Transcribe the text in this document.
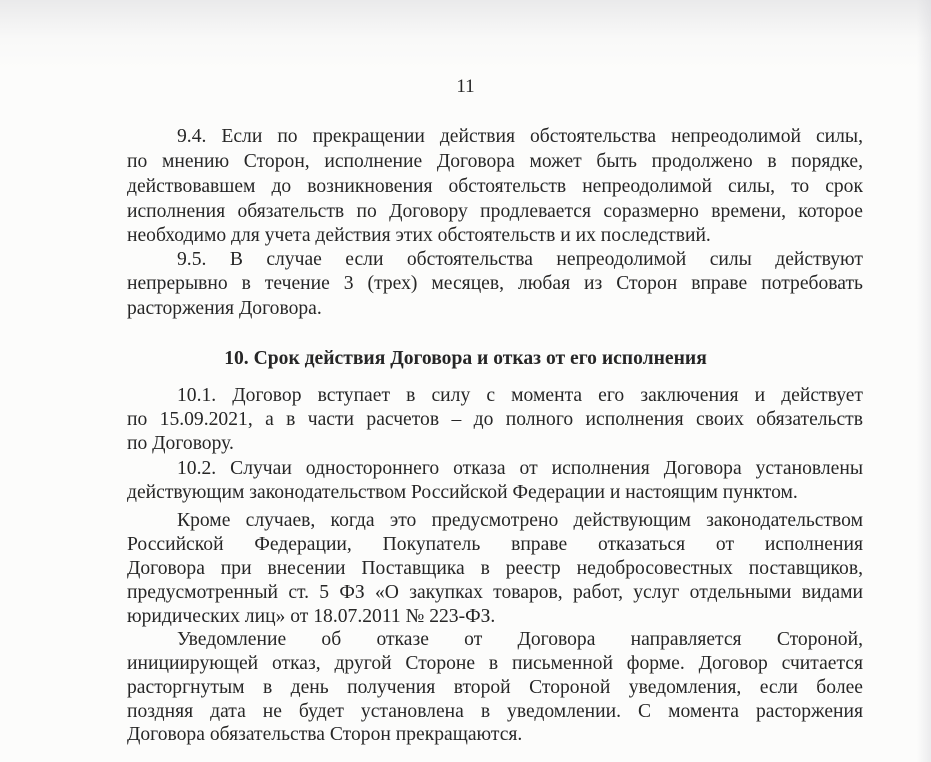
11
9.4. Если по прекращении действия обстоятельства непреодолимой силы,
по мнению Сторон, исполнение Договора может быть продолжено в порядке,
действовавшем до возникновения обстоятельств непреодолимой силы, то срок
исполнения обязательств по Договору продлевается соразмерно времени, которое
необходимо для учета действия этих обстоятельств и их последствий.
9.5. В случае если обстоятельства непреодолимой силы действуют
непрерывно в течение 3 (трех) месяцев, любая из Сторон вправе потребовать
расторжения Договора.
10. Срок действия Договора и отказ от его исполнения
10.1. Договор вступает в силу с момента его заключения и действует
по 15.09.2021, а в части расчетов – до полного исполнения своих обязательств
по Договору.
10.2. Случаи одностороннего отказа от исполнения Договора установлены
действующим законодательством Российской Федерации и настоящим пунктом.
Кроме случаев, когда это предусмотрено действующим законодательством
Российской Федерации, Покупатель вправе отказаться от исполнения
Договора при внесении Поставщика в реестр недобросовестных поставщиков,
предусмотренный ст. 5 ФЗ «О закупках товаров, работ, услуг отдельными видами
юридических лиц» от 18.07.2011 № 223-ФЗ.
Уведомление об отказе от Договора направляется Стороной,
инициирующей отказ, другой Стороне в письменной форме. Договор считается
расторгнутым в день получения второй Стороной уведомления, если более
поздняя дата не будет установлена в уведомлении. С момента расторжения
Договора обязательства Сторон прекращаются.
